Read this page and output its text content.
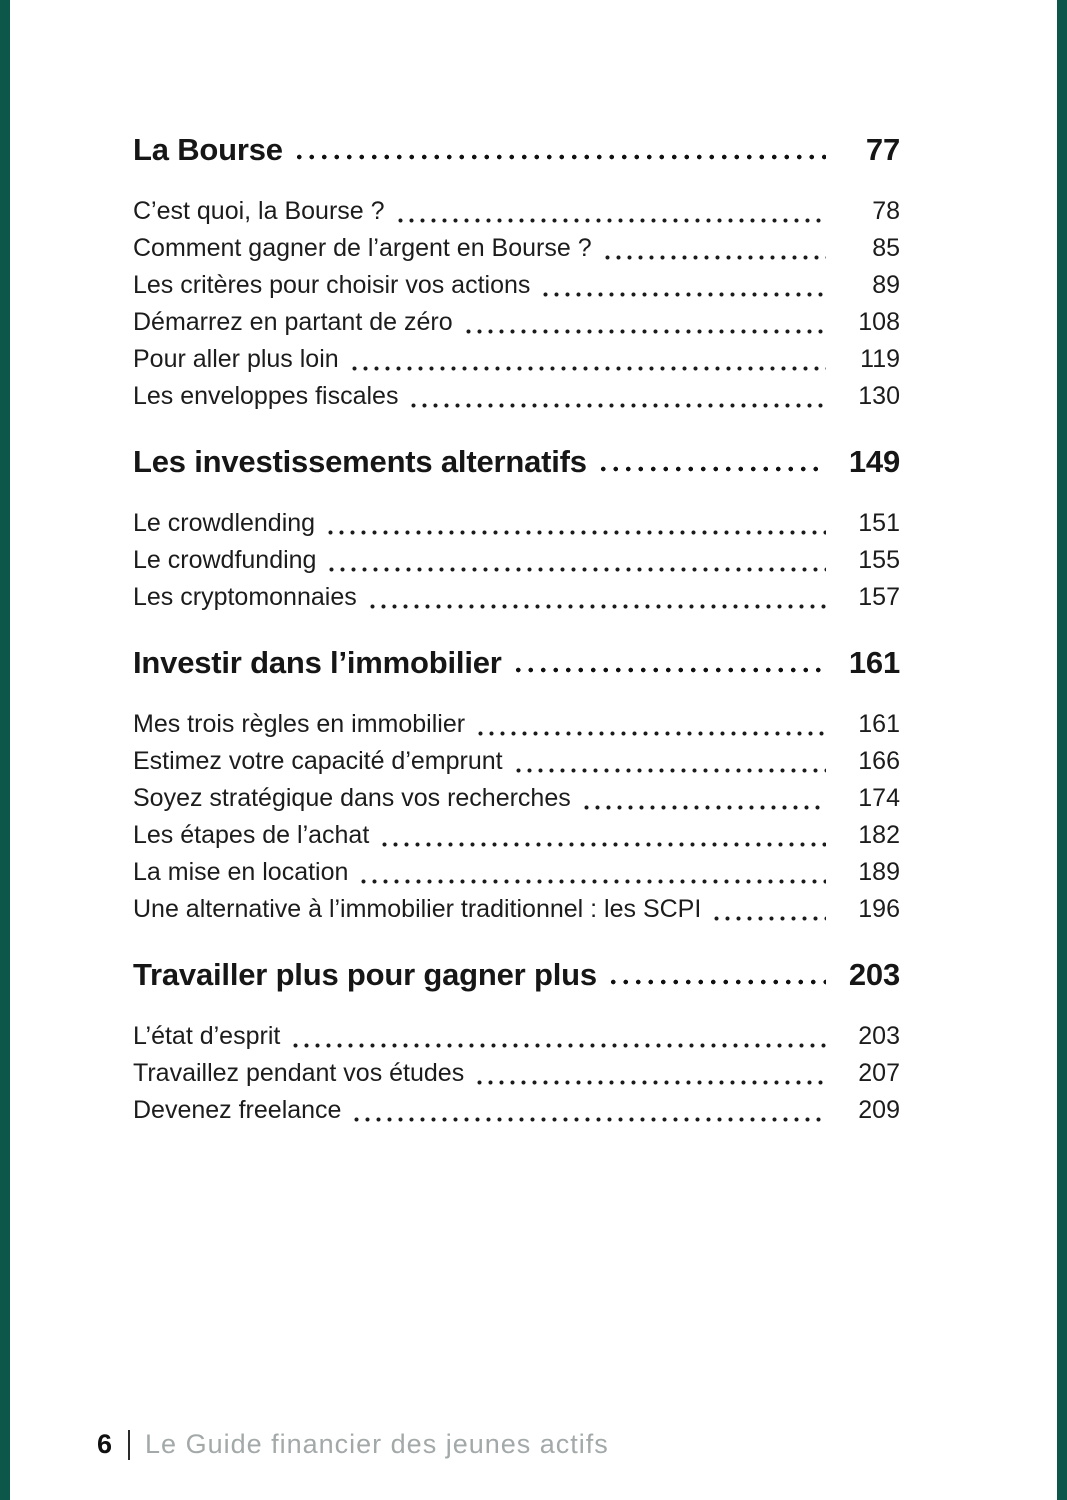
La Bourse	77
C’est quoi, la Bourse ?	78
Comment gagner de l’argent en Bourse ?	85
Les critères pour choisir vos actions	89
Démarrez en partant de zéro	108
Pour aller plus loin	119
Les enveloppes fiscales	130
Les investissements alternatifs	149
Le crowdlending	151
Le crowdfunding	155
Les cryptomonnaies	157
Investir dans l’immobilier	161
Mes trois règles en immobilier	161
Estimez votre capacité d’emprunt	166
Soyez stratégique dans vos recherches	174
Les étapes de l’achat	182
La mise en location	189
Une alternative à l’immobilier traditionnel : les SCPI	196
Travailler plus pour gagner plus	203
L’état d’esprit	203
Travaillez pendant vos études	207
Devenez freelance	209
6 Le Guide financier des jeunes actifs
